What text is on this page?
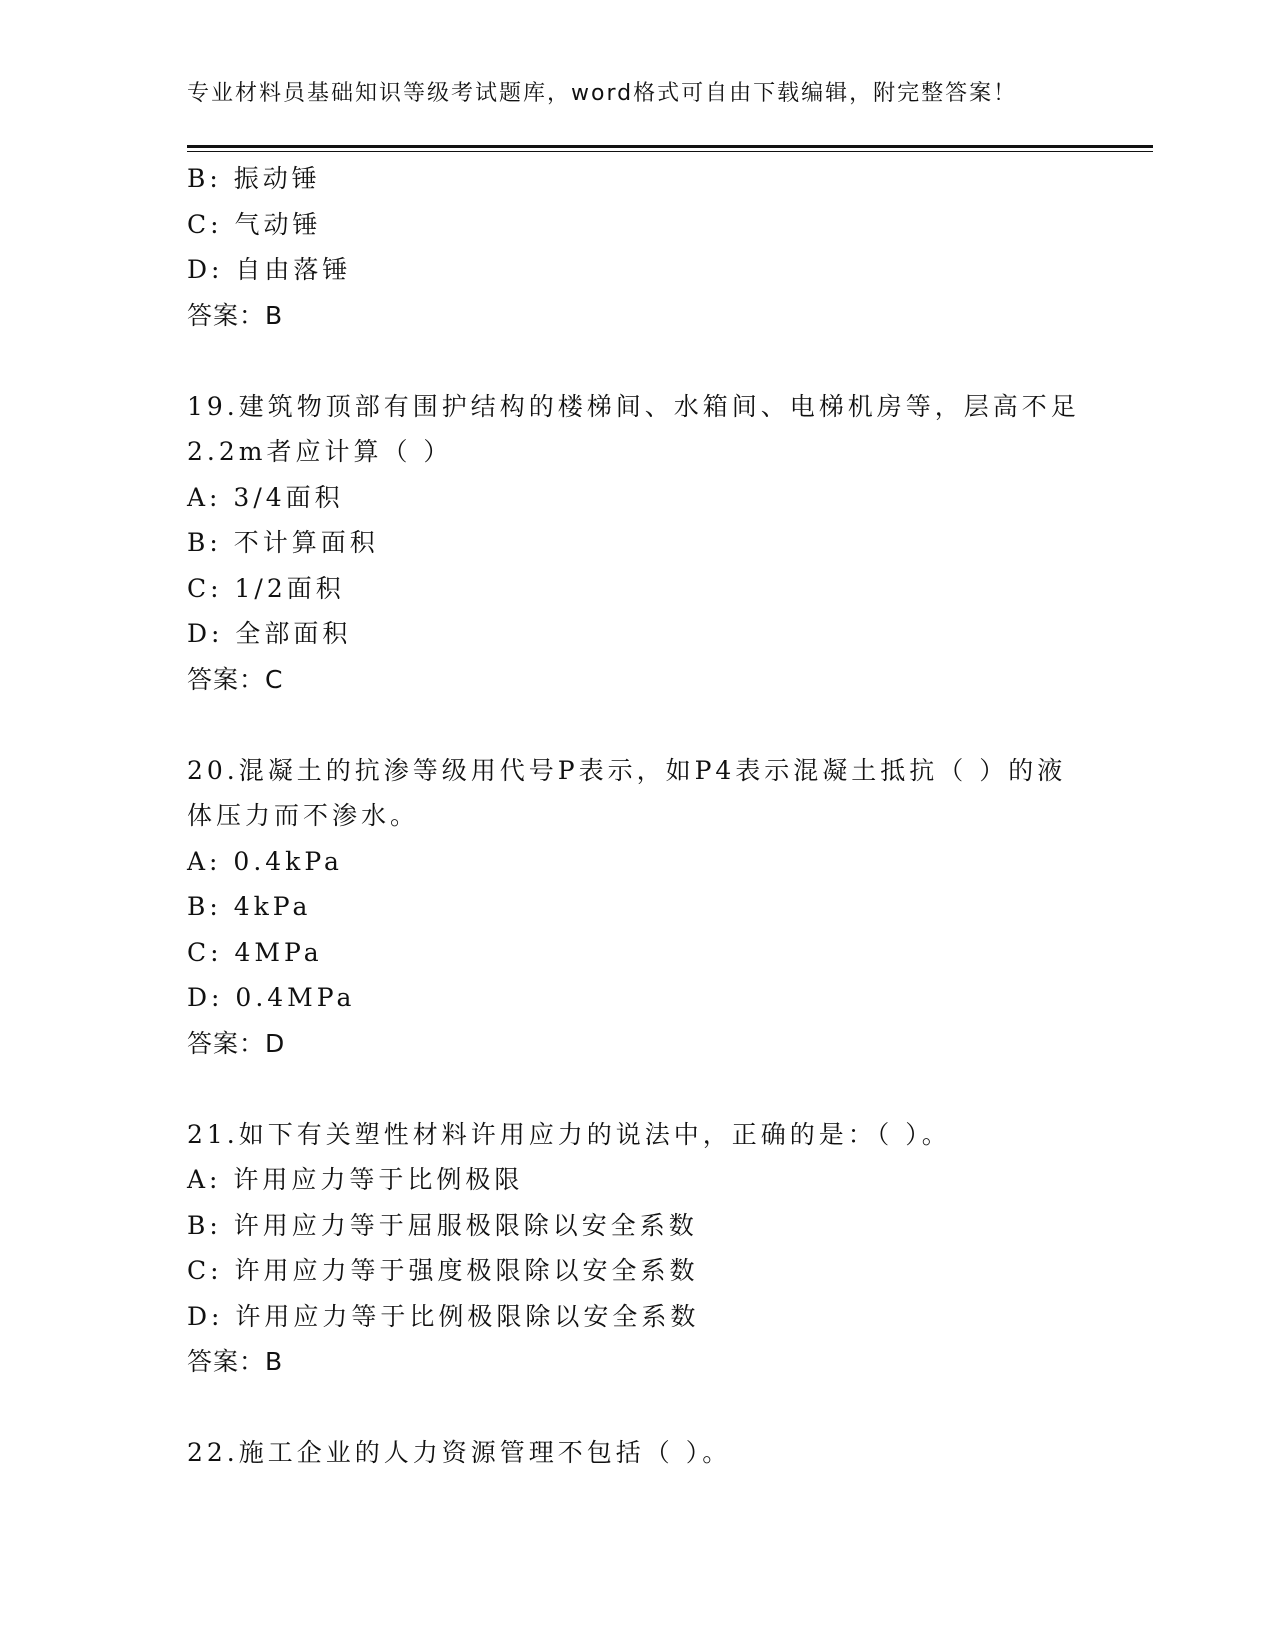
专业材料员基础知识等级考试题库，word格式可自由下载编辑，附完整答案！
B: 振动锤
C: 气动锤
D: 自由落锤
答案：B
19.建筑物顶部有围护结构的楼梯间、水箱间、电梯机房等，层高不足
2.2m者应计算（ ）
A: 3/4面积
B: 不计算面积
C: 1/2面积
D: 全部面积
答案：C
20.混凝土的抗渗等级用代号P表示，如P4表示混凝土抵抗（ ）的液
体压力而不渗水。
A: 0.4kPa
B: 4kPa
C: 4MPa
D: 0.4MPa
答案：D
21.如下有关塑性材料许用应力的说法中，正确的是：（ ）。
A: 许用应力等于比例极限
B: 许用应力等于屈服极限除以安全系数
C: 许用应力等于强度极限除以安全系数
D: 许用应力等于比例极限除以安全系数
答案：B
22.施工企业的人力资源管理不包括（ ）。
